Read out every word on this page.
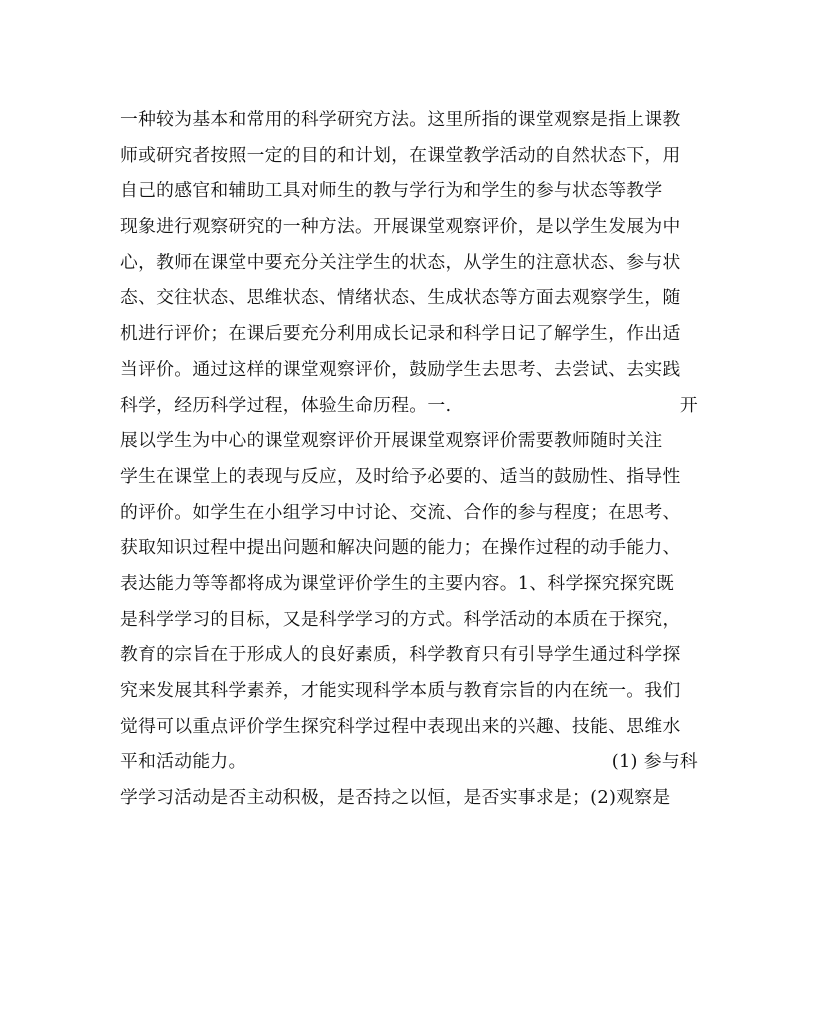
一种较为基本和常用的科学研究方法。这里所指的课堂观察是指上课教
师或研究者按照一定的目的和计划，在课堂教学活动的自然状态下，用
自己的感官和辅助工具对师生的教与学行为和学生的参与状态等教学
现象进行观察研究的一种方法。开展课堂观察评价，是以学生发展为中
心，教师在课堂中要充分关注学生的状态，从学生的注意状态、参与状
态、交往状态、思维状态、情绪状态、生成状态等方面去观察学生，随
机进行评价；在课后要充分利用成长记录和科学日记了解学生，作出适
当评价。通过这样的课堂观察评价，鼓励学生去思考、去尝试、去实践
科学，经历科学过程，体验生命历程。一.	开
展以学生为中心的课堂观察评价开展课堂观察评价需要教师随时关注
学生在课堂上的表现与反应，及时给予必要的、适当的鼓励性、指导性
的评价。如学生在小组学习中讨论、交流、合作的参与程度；在思考、
获取知识过程中提出问题和解决问题的能力；在操作过程的动手能力、
表达能力等等都将成为课堂评价学生的主要内容。1、科学探究探究既
是科学学习的目标，又是科学学习的方式。科学活动的本质在于探究，
教育的宗旨在于形成人的良好素质，科学教育只有引导学生通过科学探
究来发展其科学素养，才能实现科学本质与教育宗旨的内在统一。我们
觉得可以重点评价学生探究科学过程中表现出来的兴趣、技能、思维水
平和活动能力。	(1) 参与科
学学习活动是否主动积极，是否持之以恒，是否实事求是；(2)观察是
